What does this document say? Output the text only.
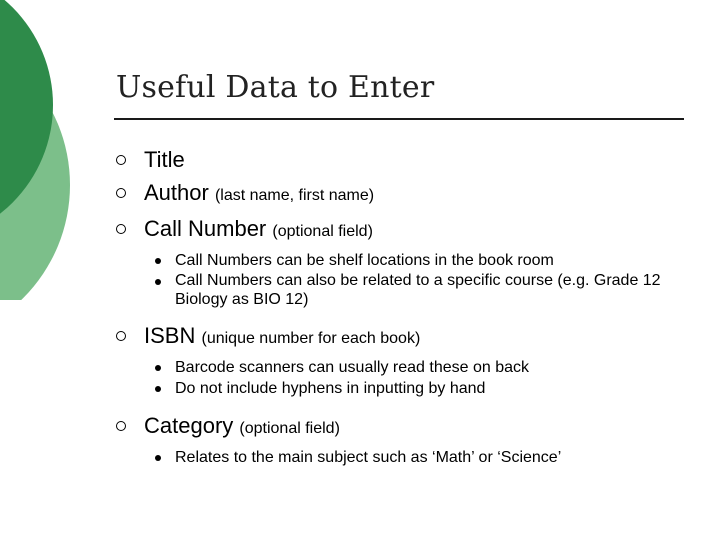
Useful Data to Enter
Title
Author (last name, first name)
Call Number (optional field)
Call Numbers can be shelf locations in the book room
Call Numbers can also be related to a specific course (e.g. Grade 12 Biology as BIO 12)
ISBN (unique number for each book)
Barcode scanners can usually read these on back
Do not include hyphens in inputting by hand
Category (optional field)
Relates to the main subject such as ‘Math’ or ‘Science’
